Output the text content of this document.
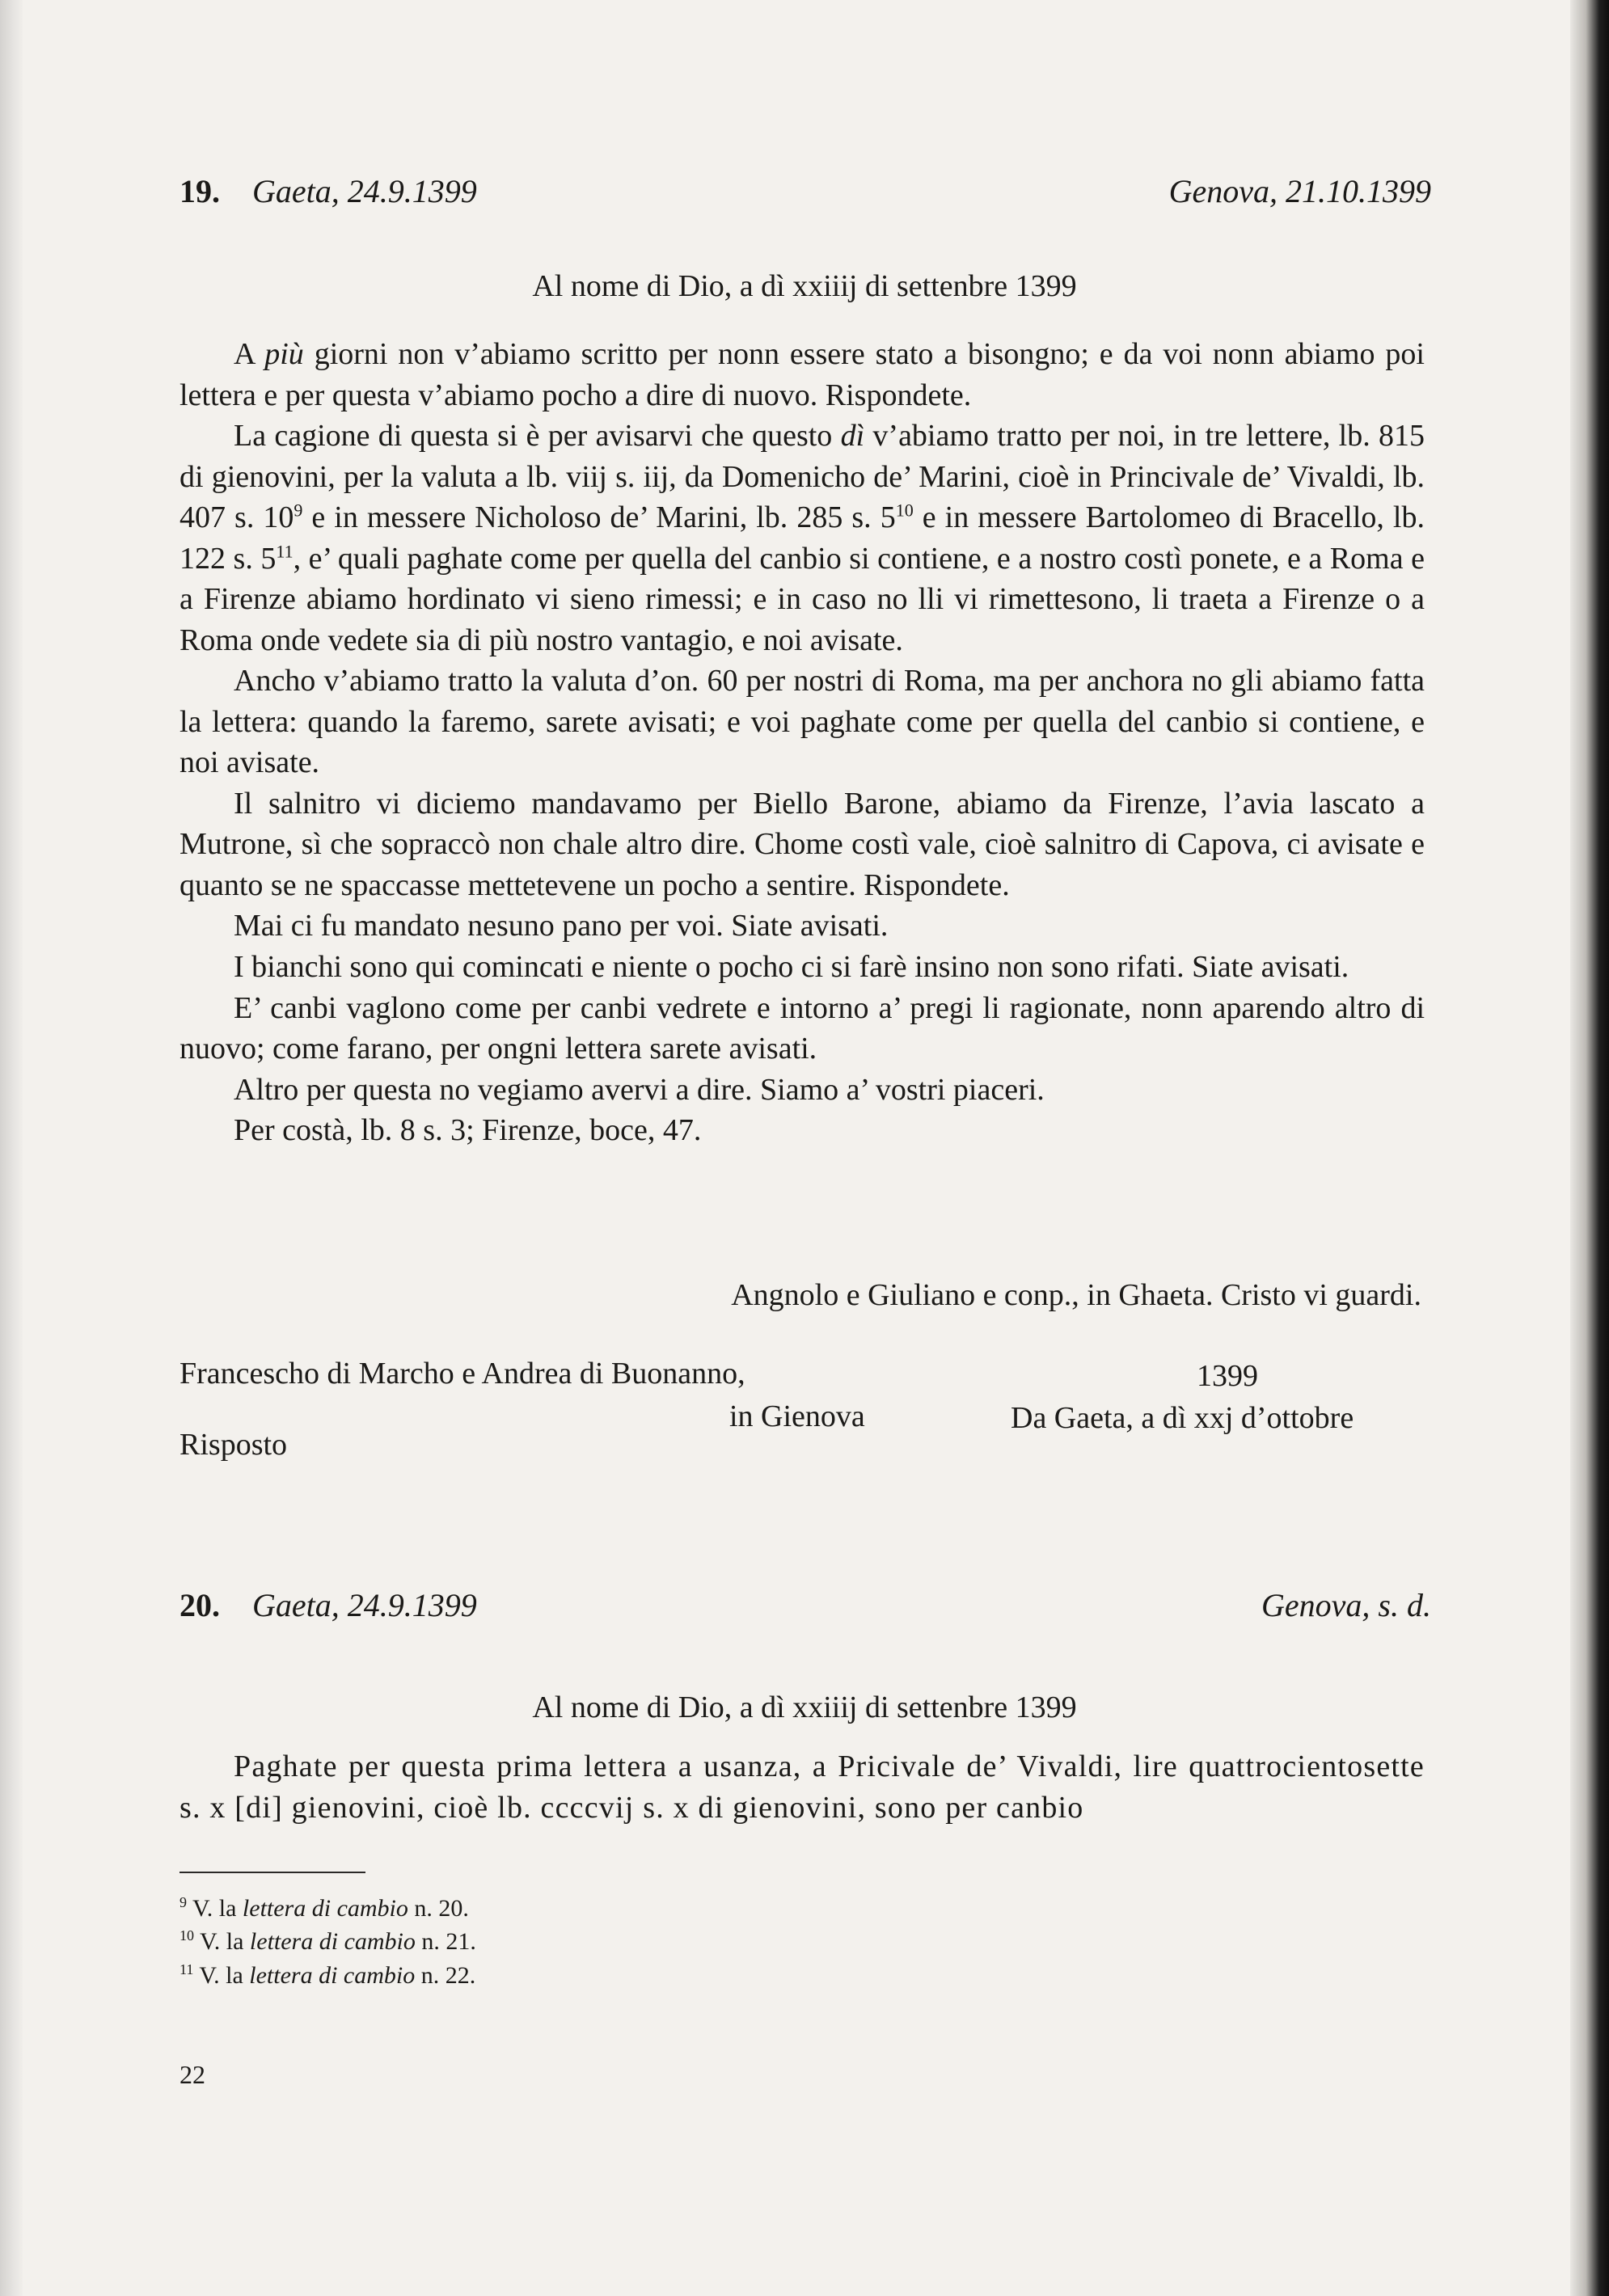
19. Gaeta, 24.9.1399	Genova, 21.10.1399
Al nome di Dio, a dì xxiiij di settenbre 1399

A più giorni non v’abiamo scritto per nonn essere stato a bisongno; e da voi nonn abiamo poi lettera e per questa v’abiamo pocho a dire di nuovo. Rispondete.

La cagione di questa si è per avisarvi che questo dì v’abiamo tratto per noi, in tre lettere, lb. 815 di gienovini, per la valuta a lb. viij s. iij, da Domenicho de’ Marini, cioè in Princivale de’ Vivaldi, lb. 407 s. $10^9$ e in messere Nicholoso de’ Marini, lb. 285 s. $5^{10}$ e in messere Bartolomeo di Bracello, lb. 122 s. $5^{11}$, e’ quali paghate come per quella del canbio si contiene, e a nostro costì ponete, e a Roma e a Firenze abiamo hordinato vi sieno rimessi; e in caso no lli vi rimettesono, li traeta a Firenze o a Roma onde vedete sia di più nostro vantagio, e noi avisate.

Ancho v’abiamo tratto la valuta d’on. 60 per nostri di Roma, ma per anchora no gli abiamo fatta la lettera: quando la faremo, sarete avisati; e voi paghate come per quella del canbio si contiene, e noi avisate.

Il salnitro vi diciemo mandavamo per Biello Barone, abiamo da Firenze, l’avia lascato a Mutrone, sì che sopraccò non chale altro dire. Chome costì vale, cioè salnitro di Capova, ci avisate e quanto se ne spaccasse mettetevene un pocho a sentire. Rispondete.

Mai ci fu mandato nesuno pano per voi. Siate avisati.

I bianchi sono qui comincati e niente o pocho ci si farè insino non sono rifati. Siate avisati.

E’ canbi vaglono come per canbi vedrete e intorno a’ pregi li ragionate, nonn aparendo altro di nuovo; come farano, per ongni lettera sarete avisati.

Altro per questa no vegiamo avervi a dire. Siamo a’ vostri piaceri.

Per costà, lb. 8 s. 3; Firenze, boce, 47.

Angnolo e Giuliano e conp., in Ghaeta. Cristo vi guardi.
Francescho di Marcho e Andrea di Buonanno,
in Gienova
1399
Da Gaeta, a dì xxj d’ottobre
Risposto
20. Gaeta, 24.9.1399	Genova, s. d.
Al nome di Dio, a dì xxiiij di settenbre 1399

Paghate per questa prima lettera a usanza, a Pricivale de’ Vivaldi, lire quattrocientosette s. x [di] gienovini, cioè lb. ccccvij s. x di gienovini, sono per canbio

$^9$ V. la lettera di cambio n. 20.
$^{10}$ V. la lettera di cambio n. 21.
$^{11}$ V. la lettera di cambio n. 22.
22
